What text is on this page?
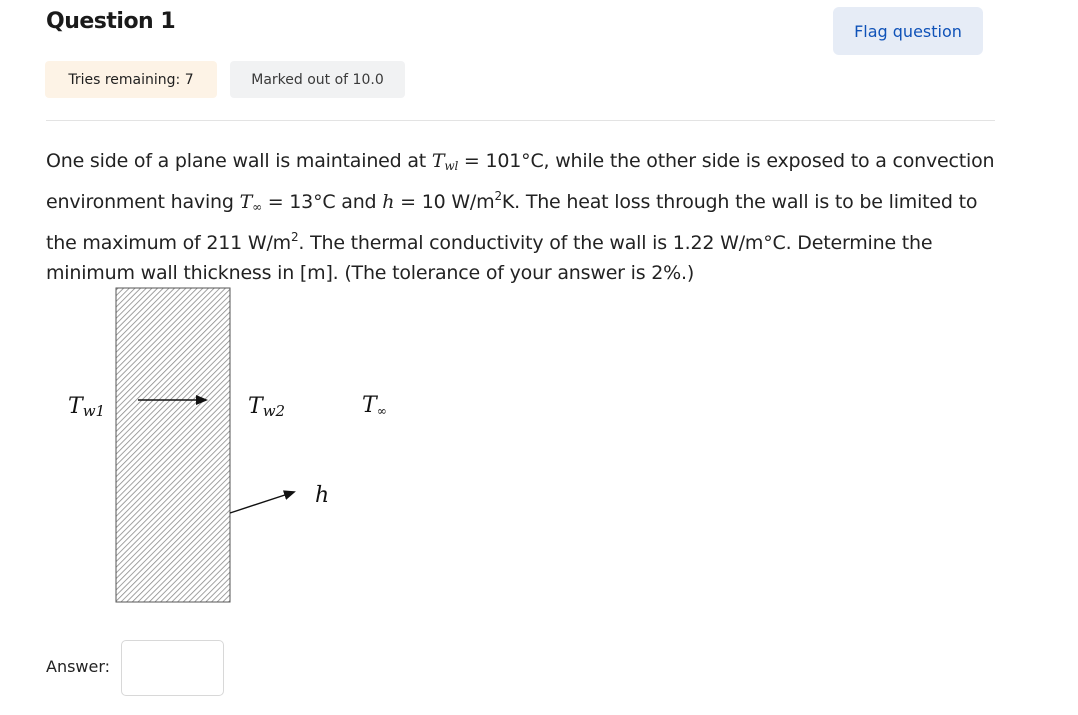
Question 1	Flag question
Tries remaining: 7	Marked out of 10.0

One side of a plane wall is maintained at $T_{wl} = 101^\circ C$, while the other side is exposed to a convection environment having $T_\infty = 13^\circ C$ and h = 10 $W/m^2K$. The heat loss through the wall is to be limited to the maximum of 211 $W/m^2$. The thermal conductivity of the wall is 1.22 W/m°C. Determine the minimum wall thickness in [m]. (The tolerance of your answer is 2%.)

Tw1	Tw2	T∞
h
Answer:
